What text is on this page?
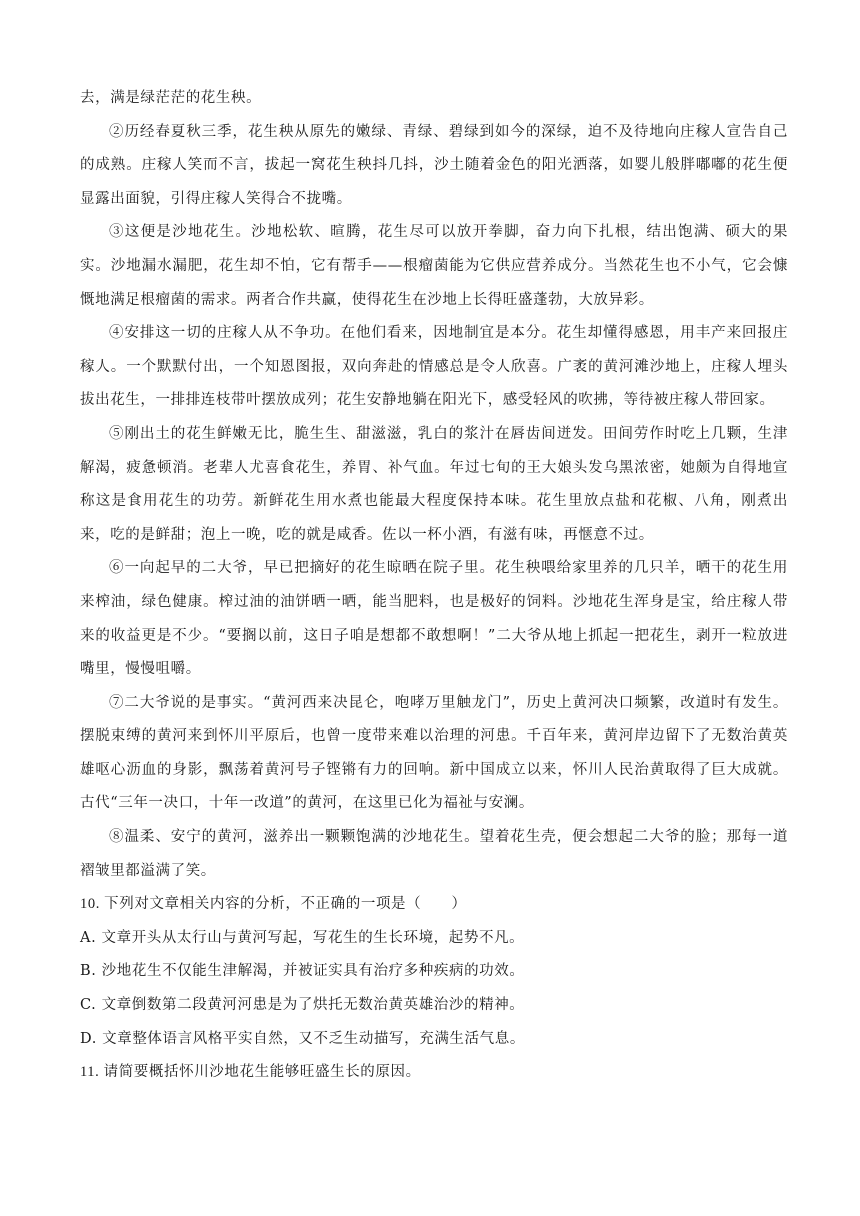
去，满是绿茫茫的花生秧。

②历经春夏秋三季，花生秧从原先的嫩绿、青绿、碧绿到如今的深绿，迫不及待地向庄稼人宣告自己的成熟。庄稼人笑而不言，拔起一窝花生秧抖几抖，沙土随着金色的阳光洒落，如婴儿般胖嘟嘟的花生便显露出面貌，引得庄稼人笑得合不拢嘴。

③这便是沙地花生。沙地松软、暄腾，花生尽可以放开拳脚，奋力向下扎根，结出饱满、硕大的果实。沙地漏水漏肥，花生却不怕，它有帮手——根瘤菌能为它供应营养成分。当然花生也不小气，它会慷慨地满足根瘤菌的需求。两者合作共赢，使得花生在沙地上长得旺盛蓬勃，大放异彩。

④安排这一切的庄稼人从不争功。在他们看来，因地制宜是本分。花生却懂得感恩，用丰产来回报庄稼人。一个默默付出，一个知恩图报，双向奔赴的情感总是令人欣喜。广袤的黄河滩沙地上，庄稼人埋头拔出花生，一排排连枝带叶摆放成列；花生安静地躺在阳光下，感受轻风的吹拂，等待被庄稼人带回家。

⑤刚出土的花生鲜嫩无比，脆生生、甜滋滋，乳白的浆汁在唇齿间迸发。田间劳作时吃上几颗，生津解渴，疲惫顿消。老辈人尤喜食花生，养胃、补气血。年过七旬的王大娘头发乌黑浓密，她颇为自得地宣称这是食用花生的功劳。新鲜花生用水煮也能最大程度保持本味。花生里放点盐和花椒、八角，刚煮出来，吃的是鲜甜；泡上一晚，吃的就是咸香。佐以一杯小酒，有滋有味，再惬意不过。

⑥一向起早的二大爷，早已把摘好的花生晾晒在院子里。花生秧喂给家里养的几只羊，晒干的花生用来榨油，绿色健康。榨过油的油饼晒一晒，能当肥料，也是极好的饲料。沙地花生浑身是宝，给庄稼人带来的收益更是不少。“要搁以前，这日子咱是想都不敢想啊！”二大爷从地上抓起一把花生，剥开一粒放进嘴里，慢慢咀嚼。

⑦二大爷说的是事实。“黄河西来决昆仑，咆哮万里触龙门”，历史上黄河决口频繁，改道时有发生。摆脱束缚的黄河来到怀川平原后，也曾一度带来难以治理的河患。千百年来，黄河岸边留下了无数治黄英雄呕心沥血的身影，飘荡着黄河号子铿锵有力的回响。新中国成立以来，怀川人民治黄取得了巨大成就。古代“三年一决口，十年一改道”的黄河，在这里已化为福祉与安澜。

⑧温柔、安宁的黄河，滋养出一颗颗饱满的沙地花生。望着花生壳，便会想起二大爷的脸；那每一道褶皱里都溢满了笑。

10. 下列对文章相关内容的分析，不正确的一项是（　　）

A. 文章开头从太行山与黄河写起，写花生的生长环境，起势不凡。

B. 沙地花生不仅能生津解渴，并被证实具有治疗多种疾病的功效。

C. 文章倒数第二段黄河河患是为了烘托无数治黄英雄治沙的精神。

D. 文章整体语言风格平实自然，又不乏生动描写，充满生活气息。

11. 请简要概括怀川沙地花生能够旺盛生长的原因。
